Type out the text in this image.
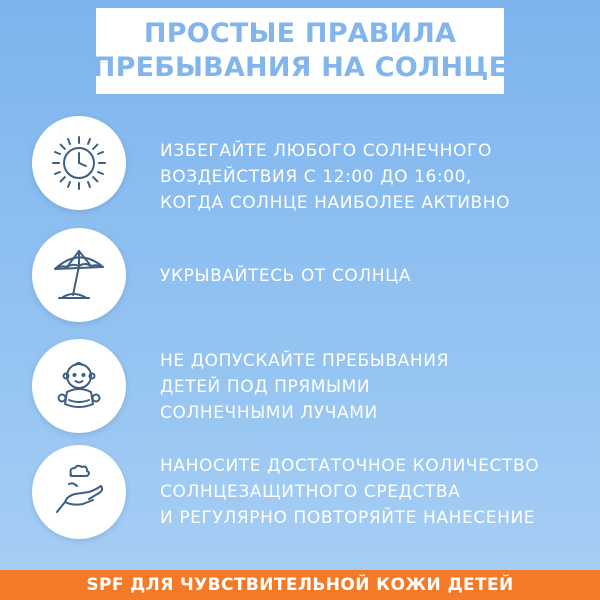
ПРОСТЫЕ ПРАВИЛА
ПРЕБЫВАНИЯ НА СОЛНЦЕ
ИЗБЕГАЙТЕ ЛЮБОГО СОЛНЕЧНОГО
ВОЗДЕЙСТВИЯ С 12:00 ДО 16:00,
КОГДА СОЛНЦЕ НАИБОЛЕЕ АКТИВНО
УКРЫВАЙТЕСЬ ОТ СОЛНЦА
НЕ ДОПУСКАЙТЕ ПРЕБЫВАНИЯ
ДЕТЕЙ ПОД ПРЯМЫМИ
СОЛНЕЧНЫМИ ЛУЧАМИ
НАНОСИТЕ ДОСТАТОЧНОЕ КОЛИЧЕСТВО
СОЛНЦЕЗАЩИТНОГО СРЕДСТВА
И РЕГУЛЯРНО ПОВТОРЯЙТЕ НАНЕСЕНИЕ
SPF ДЛЯ ЧУВСТВИТЕЛЬНОЙ КОЖИ ДЕТЕЙ
